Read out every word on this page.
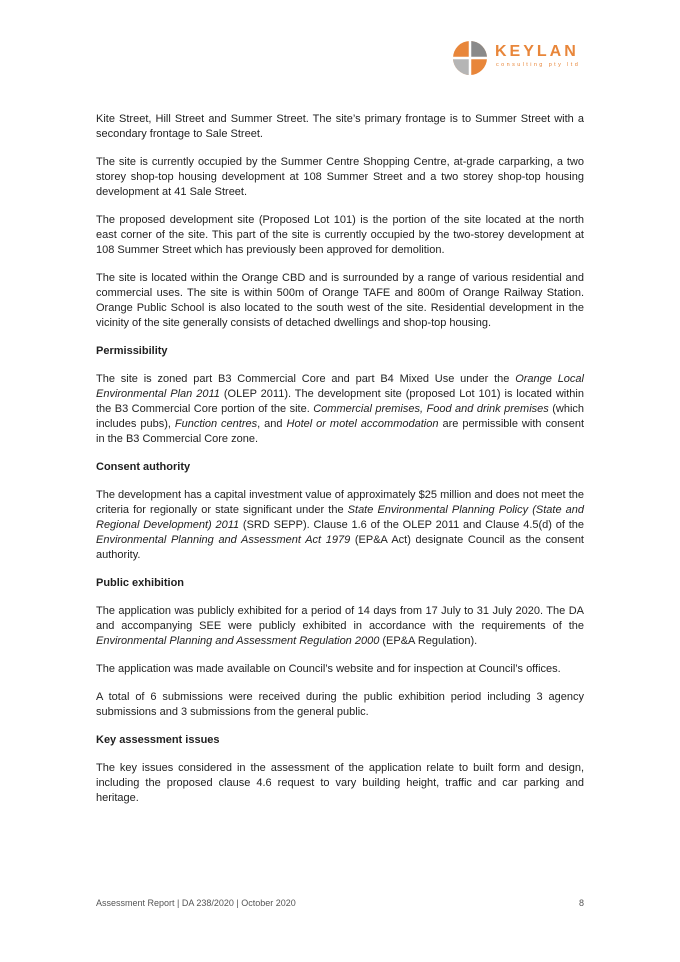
KEYLAN
consulting pty ltd

Kite Street, Hill Street and Summer Street. The site’s primary frontage is to Summer Street with a secondary frontage to Sale Street.

The site is currently occupied by the Summer Centre Shopping Centre, at-grade carparking, a two storey shop-top housing development at 108 Summer Street and a two storey shop-top housing development at 41 Sale Street.

The proposed development site (Proposed Lot 101) is the portion of the site located at the north east corner of the site. This part of the site is currently occupied by the two-storey development at 108 Summer Street which has previously been approved for demolition.

The site is located within the Orange CBD and is surrounded by a range of various residential and commercial uses. The site is within 500m of Orange TAFE and 800m of Orange Railway Station. Orange Public School is also located to the south west of the site. Residential development in the vicinity of the site generally consists of detached dwellings and shop-top housing.

Permissibility

The site is zoned part B3 Commercial Core and part B4 Mixed Use under the Orange Local Environmental Plan 2011 (OLEP 2011). The development site (proposed Lot 101) is located within the B3 Commercial Core portion of the site. Commercial premises, Food and drink premises (which includes pubs), Function centres, and Hotel or motel accommodation are permissible with consent in the B3 Commercial Core zone.

Consent authority

The development has a capital investment value of approximately $25 million and does not meet the criteria for regionally or state significant under the State Environmental Planning Policy (State and Regional Development) 2011 (SRD SEPP). Clause 1.6 of the OLEP 2011 and Clause 4.5(d) of the Environmental Planning and Assessment Act 1979 (EP&A Act) designate Council as the consent authority.

Public exhibition

The application was publicly exhibited for a period of 14 days from 17 July to 31 July 2020. The DA and accompanying SEE were publicly exhibited in accordance with the requirements of the Environmental Planning and Assessment Regulation 2000 (EP&A Regulation).

The application was made available on Council’s website and for inspection at Council’s offices.

A total of 6 submissions were received during the public exhibition period including 3 agency submissions and 3 submissions from the general public.

Key assessment issues

The key issues considered in the assessment of the application relate to built form and design, including the proposed clause 4.6 request to vary building height, traffic and car parking and heritage.

Assessment Report | DA 238/2020 | October 2020	8
